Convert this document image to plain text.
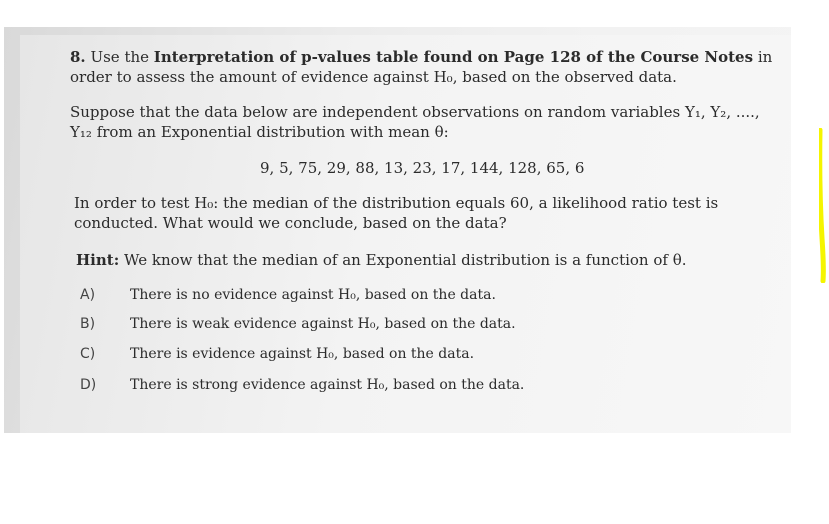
8. Use the Interpretation of p-values table found on Page 128 of the Course Notes in
order to assess the amount of evidence against H₀, based on the observed data.
Suppose that the data below are independent observations on random variables Y₁, Y₂, ....,
Y₁₂ from an Exponential distribution with mean θ:
9, 5, 75, 29, 88, 13, 23, 17, 144, 128, 65, 6
In order to test H₀: the median of the distribution equals 60, a likelihood ratio test is
conducted. What would we conclude, based on the data?
Hint: We know that the median of an Exponential distribution is a function of θ.
A) There is no evidence against H₀, based on the data.
B) There is weak evidence against H₀, based on the data.
C) There is evidence against H₀, based on the data.
D) There is strong evidence against H₀, based on the data.
